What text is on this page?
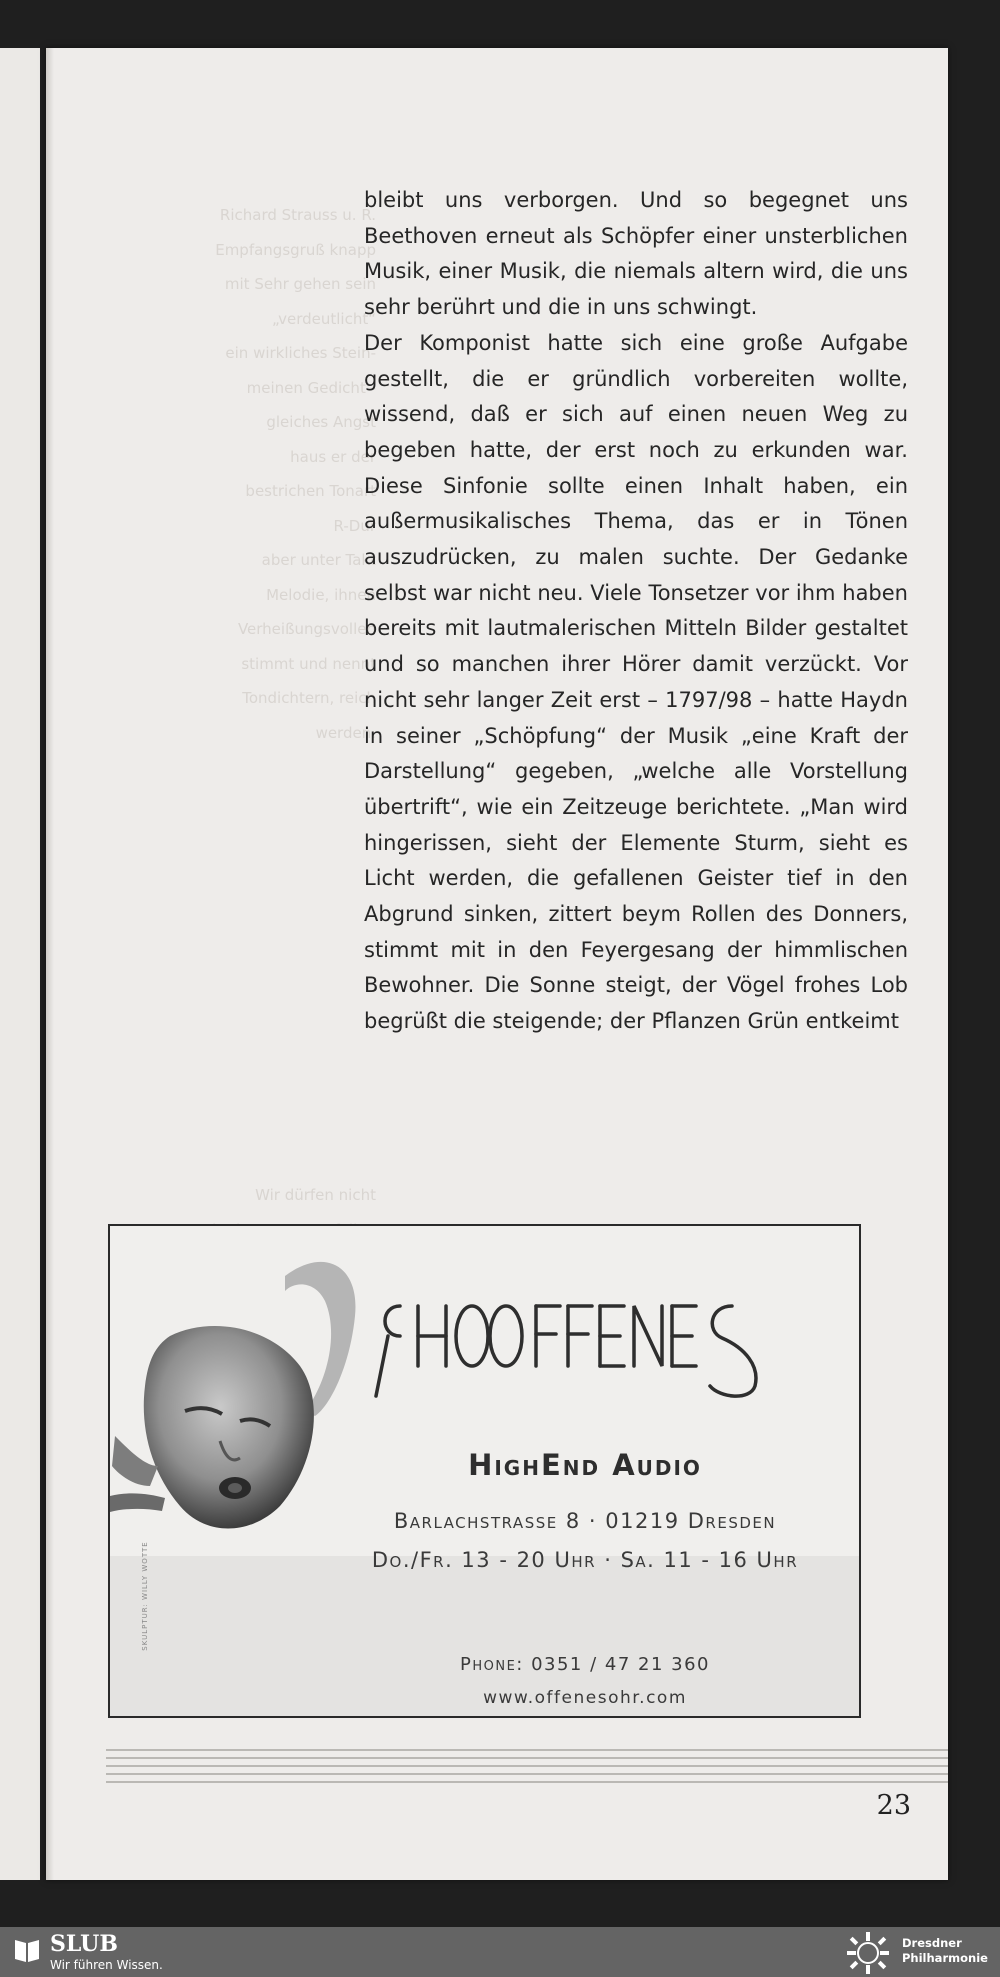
Richard Strauss u. R.
Empfangsgruß knapp
mit Sehr gehen sein
„verdeutlicht“
ein wirkliches Stein-
meinen Gedicht -
gleiches Angst
haus er der
bestrichen Tonart
R-Dur
aber unter Takt
Melodie, ihnen
Verheißungsvollen
stimmt und nennt
Tondichtern, reich
werden.
Wir dürfen nicht

bleibt uns verborgen. Und so begegnet uns Beethoven erneut als Schöpfer einer unsterblichen Musik, einer Musik, die niemals altern wird, die uns sehr berührt und die in uns schwingt.

Der Komponist hatte sich eine große Aufgabe gestellt, die er gründlich vorbereiten wollte, wissend, daß er sich auf einen neuen Weg zu begeben hatte, der erst noch zu erkunden war. Diese Sinfonie sollte einen Inhalt haben, ein außermusikalisches Thema, das er in Tönen auszudrücken, zu malen suchte. Der Gedanke selbst war nicht neu. Viele Tonsetzer vor ihm haben bereits mit lautmalerischen Mitteln Bilder gestaltet und so manchen ihrer Hörer damit verzückt. Vor nicht sehr langer Zeit erst – 1797/98 – hatte Haydn in seiner „Schöpfung“ der Musik „eine Kraft der Darstellung“ gegeben, „welche alle Vorstellung übertrift“, wie ein Zeitzeuge berichtete. „Man wird hingerissen, sieht der Elemente Sturm, sieht es Licht werden, die gefallenen Geister tief in den Abgrund sinken, zittert beym Rollen des Donners, stimmt mit in den Feyergesang der himmlischen Bewohner. Die Sonne steigt, der Vögel frohes Lob begrüßt die steigende; der Pflanzen Grün entkeimt

SKULPTUR: WILLY WOTTE
HighEnd Audio
Barlachstrasse 8 · 01219 Dresden
Do./Fr. 13 - 20 Uhr · Sa. 11 - 16 Uhr
Phone: 0351 / 47 21 360
www.offenesohr.com
23
SLUB
Wir führen Wissen.
Dresdner
Philharmonie
